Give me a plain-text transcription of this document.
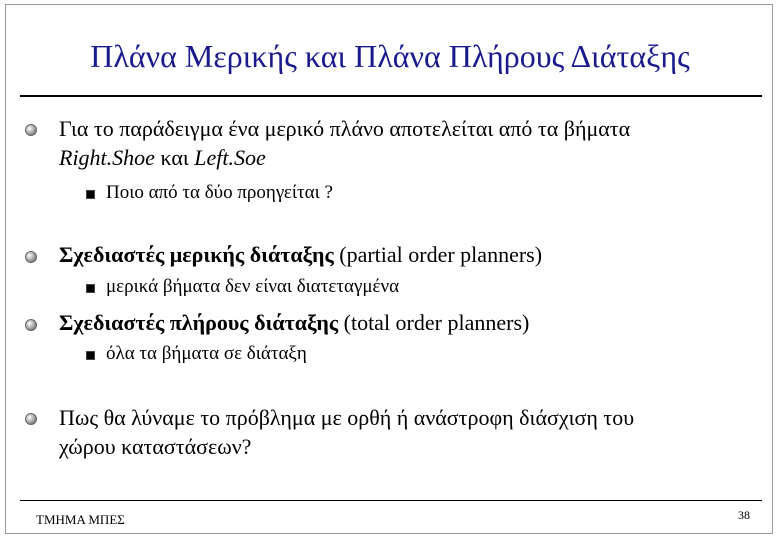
Πλάνα Μερικής και Πλάνα Πλήρους Διάταξης
Για το παράδειγμα ένα μερικό πλάνο αποτελείται από τα βήματα
Right.Shoe και Left.Soe
Ποιο από τα δύο προηγείται ?
Σχεδιαστές μερικής διάταξης (partial order planners)
μερικά βήματα δεν είναι διατεταγμένα
Σχεδιαστές πλήρους διάταξης (total order planners)
όλα τα βήματα σε διάταξη
Πως θα λύναμε το πρόβλημα με ορθή ή ανάστροφη διάσχιση του
χώρου καταστάσεων?
ΤΜΗΜΑ ΜΠΕΣ	38
